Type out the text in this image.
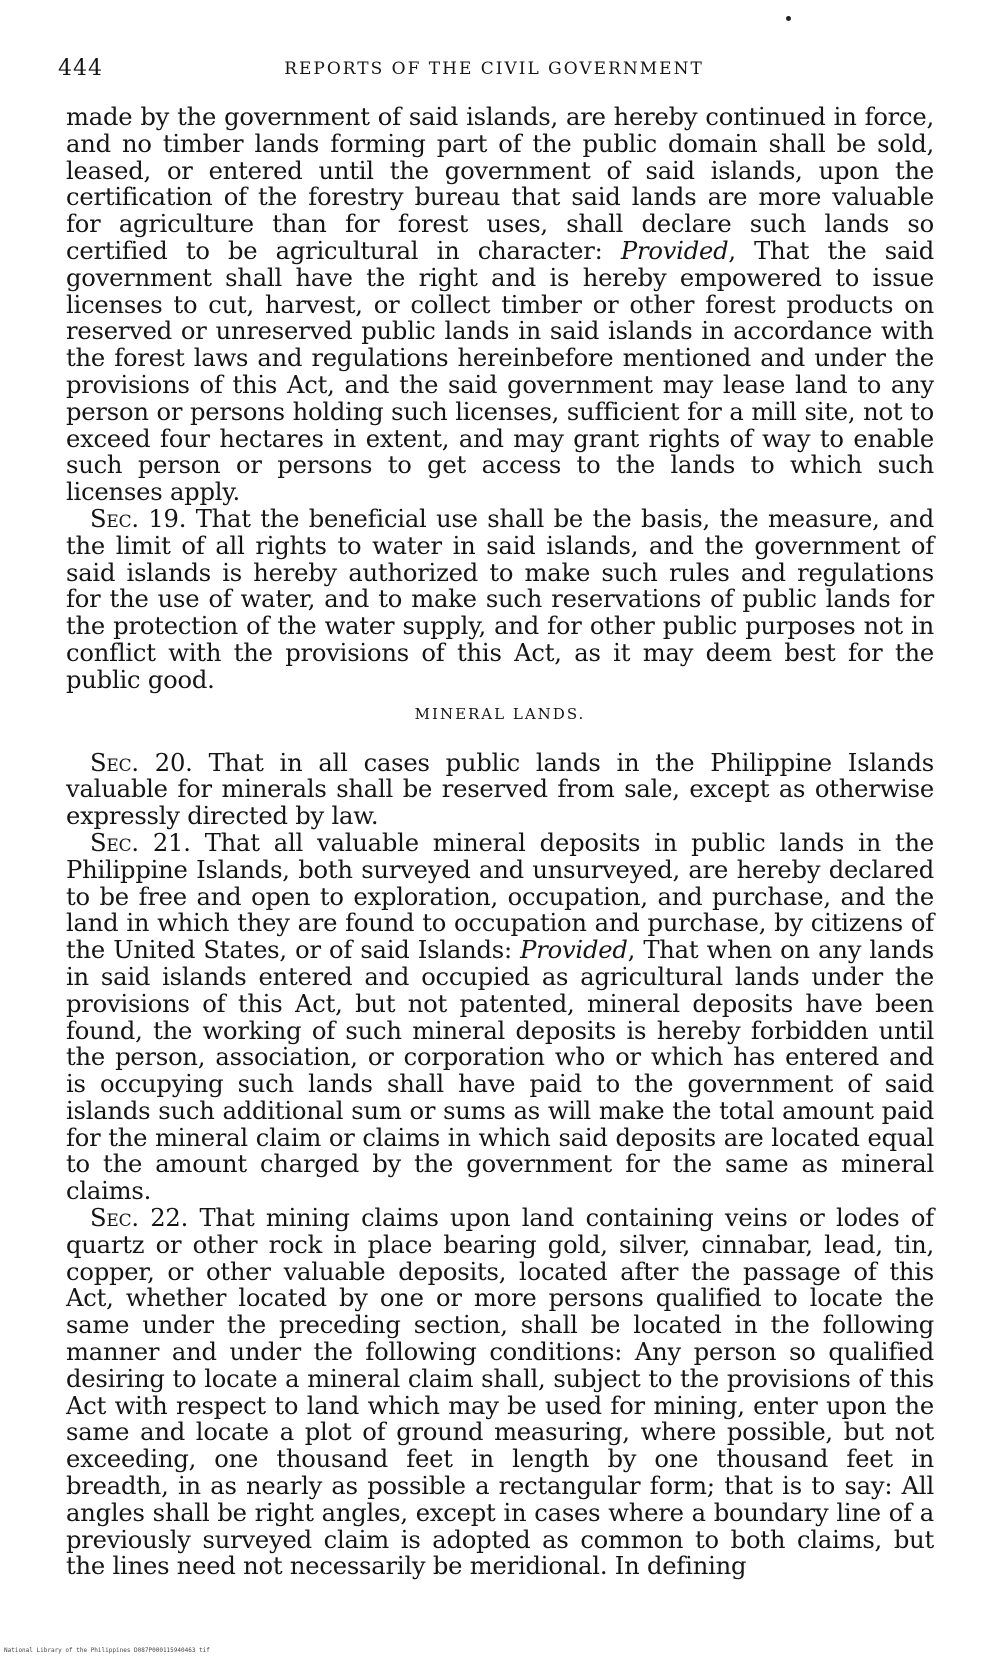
444	REPORTS OF THE CIVIL GOVERNMENT

made by the government of said islands, are hereby continued in force, and no timber lands forming part of the public domain shall be sold, leased, or entered until the government of said islands, upon the certification of the forestry bureau that said lands are more valuable for agriculture than for forest uses, shall declare such lands so certified to be agricultural in character: Provided, That the said government shall have the right and is hereby empowered to issue licenses to cut, harvest, or collect timber or other forest products on reserved or unreserved public lands in said islands in accordance with the forest laws and regulations hereinbefore mentioned and under the provisions of this Act, and the said government may lease land to any person or persons holding such licenses, sufficient for a mill site, not to exceed four hectares in extent, and may grant rights of way to enable such person or persons to get access to the lands to which such licenses apply.

Sec. 19. That the beneficial use shall be the basis, the measure, and the limit of all rights to water in said islands, and the government of said islands is hereby authorized to make such rules and regulations for the use of water, and to make such reservations of public lands for the protection of the water supply, and for other public purposes not in conflict with the provisions of this Act, as it may deem best for the public good.

MINERAL LANDS.

Sec. 20. That in all cases public lands in the Philippine Islands valuable for minerals shall be reserved from sale, except as otherwise expressly directed by law.

Sec. 21. That all valuable mineral deposits in public lands in the Philippine Islands, both surveyed and unsurveyed, are hereby declared to be free and open to exploration, occupation, and purchase, and the land in which they are found to occupation and purchase, by citizens of the United States, or of said Islands: Provided, That when on any lands in said islands entered and occupied as agricultural lands under the provisions of this Act, but not patented, mineral deposits have been found, the working of such mineral deposits is hereby forbidden until the person, association, or corporation who or which has entered and is occupying such lands shall have paid to the government of said islands such additional sum or sums as will make the total amount paid for the mineral claim or claims in which said deposits are located equal to the amount charged by the government for the same as mineral claims.

Sec. 22. That mining claims upon land containing veins or lodes of quartz or other rock in place bearing gold, silver, cinnabar, lead, tin, copper, or other valuable deposits, located after the passage of this Act, whether located by one or more persons qualified to locate the same under the preceding section, shall be located in the following manner and under the following conditions: Any person so qualified desiring to locate a mineral claim shall, subject to the provisions of this Act with respect to land which may be used for mining, enter upon the same and locate a plot of ground measuring, where possible, but not exceeding, one thousand feet in length by one thousand feet in breadth, in as nearly as possible a rectangular form; that is to say: All angles shall be right angles, except in cases where a boundary line of a previously surveyed claim is adopted as common to both claims, but the lines need not necessarily be meridional. In defining

National Library of the Philippines D087P000115940463 tif
